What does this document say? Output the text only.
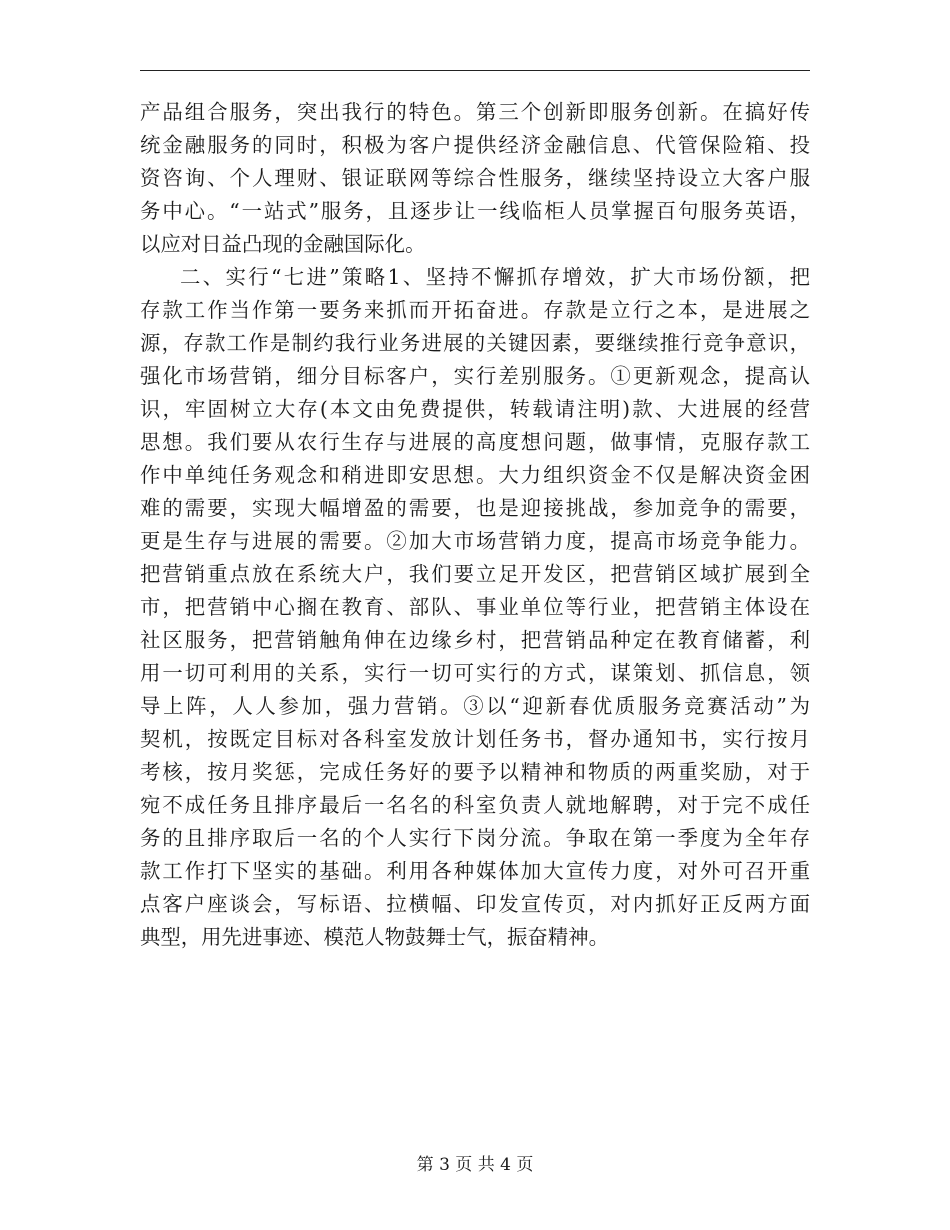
产品组合服务，突出我行的特色。第三个创新即服务创新。在搞好传
统金融服务的同时，积极为客户提供经济金融信息、代管保险箱、投
资咨询、个人理财、银证联网等综合性服务，继续坚持设立大客户服
务中心。“一站式”服务，且逐步让一线临柜人员掌握百句服务英语，
以应对日益凸现的金融国际化。
二、实行“七进”策略1、坚持不懈抓存增效，扩大市场份额，把
存款工作当作第一要务来抓而开拓奋进。存款是立行之本，是进展之
源，存款工作是制约我行业务进展的关键因素，要继续推行竞争意识，
强化市场营销，细分目标客户，实行差别服务。①更新观念，提高认
识，牢固树立大存(本文由免费提供，转载请注明)款、大进展的经营
思想。我们要从农行生存与进展的高度想问题，做事情，克服存款工
作中单纯任务观念和稍进即安思想。大力组织资金不仅是解决资金困
难的需要，实现大幅增盈的需要，也是迎接挑战，参加竞争的需要，
更是生存与进展的需要。②加大市场营销力度，提高市场竞争能力。
把营销重点放在系统大户，我们要立足开发区，把营销区域扩展到全
市，把营销中心搁在教育、部队、事业单位等行业，把营销主体设在
社区服务，把营销触角伸在边缘乡村，把营销品种定在教育储蓄，利
用一切可利用的关系，实行一切可实行的方式，谋策划、抓信息，领
导上阵，人人参加，强力营销。③以“迎新春优质服务竞赛活动”为
契机，按既定目标对各科室发放计划任务书，督办通知书，实行按月
考核，按月奖惩，完成任务好的要予以精神和物质的两重奖励，对于
宛不成任务且排序最后一名名的科室负责人就地解聘，对于完不成任
务的且排序取后一名的个人实行下岗分流。争取在第一季度为全年存
款工作打下坚实的基础。利用各种媒体加大宣传力度，对外可召开重
点客户座谈会，写标语、拉横幅、印发宣传页，对内抓好正反两方面
典型，用先进事迹、模范人物鼓舞士气，振奋精神。
第 3 页 共 4 页
